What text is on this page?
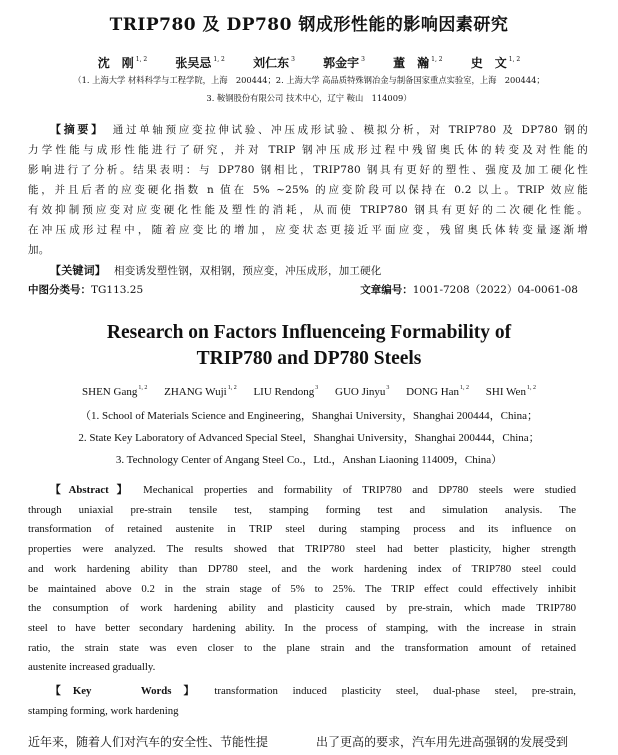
TRIP780 及 DP780 钢成形性能的影响因素研究
沈　刚 $^{1, 2}$ 张吴忌 $^{1, 2}$ 刘仁东 $^3$ 郭金宇 $^3$ 董　瀚 $^{1, 2}$ 史　文 $^{1, 2}$
（1. 上海大学 材料科学与工程学院，上海　200444；2. 上海大学 高品质特殊钢冶金与制备国家重点实验室，上海　200444；
3. 鞍钢股份有限公司 技术中心，辽宁 鞍山　114009）
【摘要】 通过单轴预应变拉伸试验、冲压成形试验、模拟分析，对 TRIP780 及 DP780 钢的
力学性能与成形性能进行了研究，并对 TRIP 钢冲压成形过程中残留奥氏体的转变及对性能的
影响进行了分析。结果表明：与 DP780 钢相比，TRIP780 钢具有更好的塑性、强度及加工硬化性
能，并且后者的应变硬化指数 n 值在 5% ~25% 的应变阶段可以保持在 0.2 以上。TRIP 效应能
有效抑制预应变对应变硬化性能及塑性的消耗，从而使 TRIP780 钢具有更好的二次硬化性能。
在冲压成形过程中，随着应变比的增加，应变状态更接近平面应变，残留奥氏体转变量逐渐增
加。
【关键词】 相变诱发塑性钢，双相钢，预应变，冲压成形，加工硬化
中图分类号：TG113.25	文章编号：1001-7208（2022）04-0061-08
Research on Factors Influenceing Formability of
TRIP780 and DP780 Steels
SHEN Gang$^{1, 2}$ ZHANG Wuji$^{1, 2}$ LIU Rendong$^3$ GUO Jinyu$^3$ DONG Han$^{1, 2}$ SHI Wen$^{1, 2}$
（1. School of Materials Science and Engineering，Shanghai University，Shanghai 200444，China；
2. State Key Laboratory of Advanced Special Steel，Shanghai University，Shanghai 200444，China；
3. Technology Center of Angang Steel Co.，Ltd.，Anshan Liaoning 114009，China）
【Abstract】 Mechanical properties and formability of TRIP780 and DP780 steels were studied
through uniaxial pre-strain tensile test, stamping forming test and simulation analysis. The
transformation of retained austenite in TRIP steel during stamping process and its influence on
properties were analyzed. The results showed that TRIP780 steel had better plasticity, higher strength
and work hardening ability than DP780 steel, and the work hardening index of TRIP780 steel could
be maintained above 0.2 in the strain stage of 5% to 25%. The TRIP effect could effectively inhibit
the consumption of work hardening ability and plasticity caused by pre-strain, which made TRIP780
steel to have better secondary hardening ability. In the process of stamping, with the increase in strain
ratio, the strain state was even closer to the plane strain and the transformation amount of retained
austenite increased gradually.
【Key　 Words】 transformation induced plasticity steel, dual-phase steel, pre-strain,
stamping forming, work hardening
近年来，随着人们对汽车的安全性、节能性提	出了更高的要求，汽车用先进高强钢的发展受到
